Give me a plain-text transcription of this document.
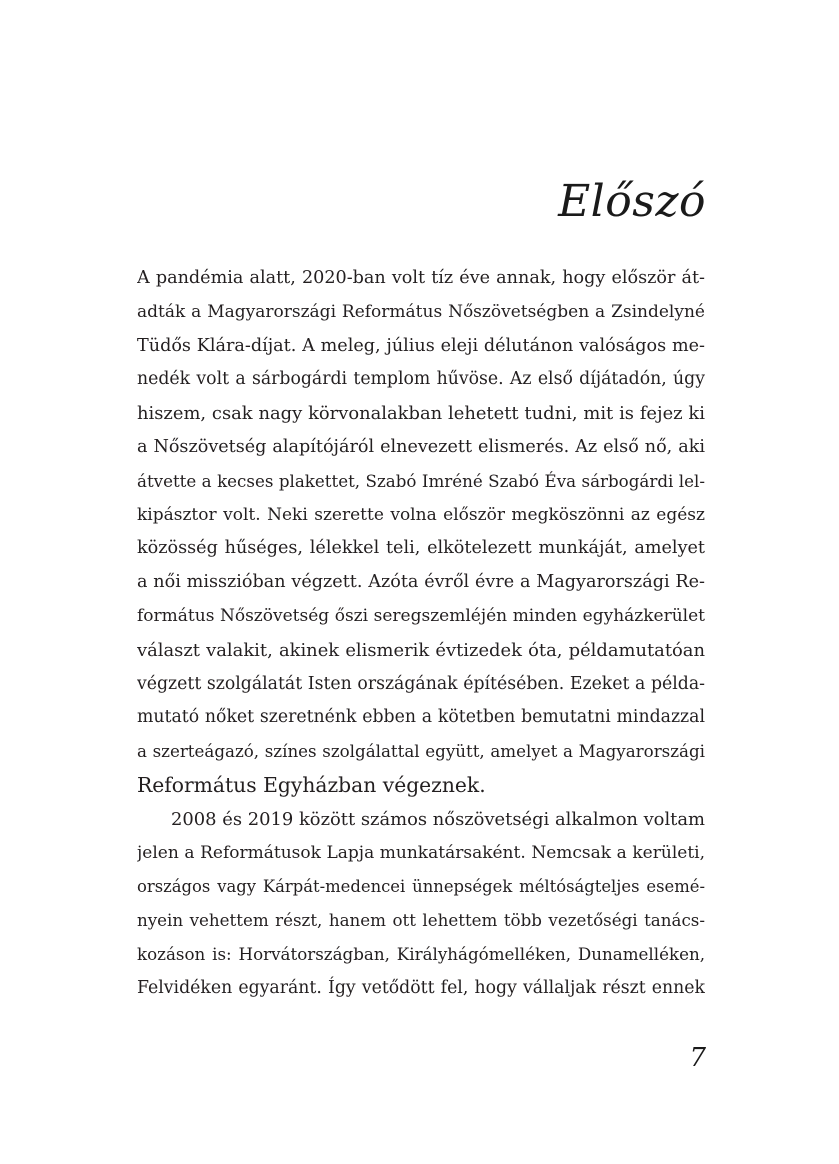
Előszó

A pandémia alatt, 2020-ban volt tíz éve annak, hogy először át-
adták a Magyarországi Református Nőszövetségben a Zsindelyné
Tüdős Klára-díjat. A meleg, július eleji délutánon valóságos me-
nedék volt a sárbogárdi templom hűvöse. Az első díjátadón, úgy
hiszem, csak nagy körvonalakban lehetett tudni, mit is fejez ki
a Nőszövetség alapítójáról elnevezett elismerés. Az első nő, aki
átvette a kecses plakettet, Szabó Imréné Szabó Éva sárbogárdi lel-
kipásztor volt. Neki szerette volna először megköszönni az egész
közösség hűséges, lélekkel teli, elkötelezett munkáját, amelyet
a női misszióban végzett. Azóta évről évre a Magyarországi Re-
formátus Nőszövetség őszi seregszemléjén minden egyházkerület
választ valakit, akinek elismerik évtizedek óta, példamutatóan
végzett szolgálatát Isten országának építésében. Ezeket a példa-
mutató nőket szeretnénk ebben a kötetben bemutatni mindazzal
a szerteágazó, színes szolgálattal együtt, amelyet a Magyarországi
Református Egyházban végeznek.

2008 és 2019 között számos nőszövetségi alkalmon voltam
jelen a Reformátusok Lapja munkatársaként. Nemcsak a kerületi,
országos vagy Kárpát-medencei ünnepségek méltóságteljes esemé-
nyein vehettem részt, hanem ott lehettem több vezetőségi tanács-
kozáson is: Horvátországban, Királyhágómelléken, Dunamelléken,
Felvidéken egyaránt. Így vetődött fel, hogy vállaljak részt ennek

7
